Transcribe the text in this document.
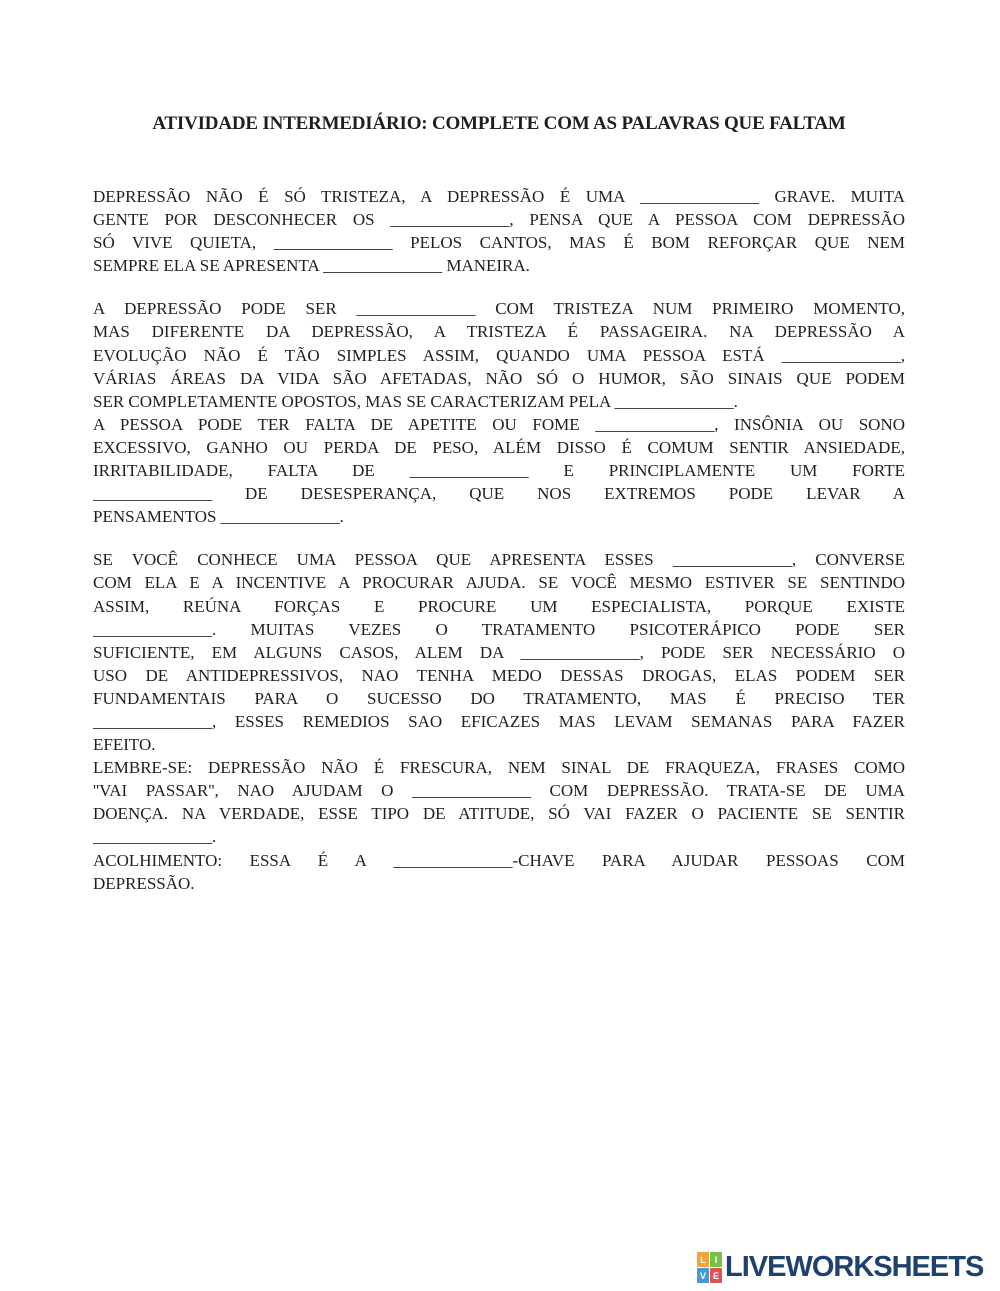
ATIVIDADE INTERMEDIÁRIO: COMPLETE COM AS PALAVRAS QUE FALTAM
DEPRESSÃO NÃO É SÓ TRISTEZA, A DEPRESSÃO É UMA ______________ GRAVE. MUITA
GENTE POR DESCONHECER OS ______________, PENSA QUE A PESSOA COM DEPRESSÃO
SÓ VIVE QUIETA, ______________ PELOS CANTOS, MAS É BOM REFORÇAR QUE NEM
SEMPRE ELA SE APRESENTA ______________ MANEIRA.
A DEPRESSÃO PODE SER ______________ COM TRISTEZA NUM PRIMEIRO MOMENTO,
MAS DIFERENTE DA DEPRESSÃO, A TRISTEZA É PASSAGEIRA. NA DEPRESSÃO A
EVOLUÇÃO NÃO É TÃO SIMPLES ASSIM, QUANDO UMA PESSOA ESTÁ ______________,
VÁRIAS ÁREAS DA VIDA SÃO AFETADAS, NÃO SÓ O HUMOR, SÃO SINAIS QUE PODEM
SER COMPLETAMENTE OPOSTOS, MAS SE CARACTERIZAM PELA ______________.
A PESSOA PODE TER FALTA DE APETITE OU FOME ______________, INSÔNIA OU SONO
EXCESSIVO, GANHO OU PERDA DE PESO, ALÉM DISSO É COMUM SENTIR ANSIEDADE,
IRRITABILIDADE, FALTA DE ______________ E PRINCIPLAMENTE UM FORTE
______________ DE DESESPERANÇA, QUE NOS EXTREMOS PODE LEVAR A
PENSAMENTOS ______________.
SE VOCÊ CONHECE UMA PESSOA QUE APRESENTA ESSES ______________, CONVERSE
COM ELA E A INCENTIVE A PROCURAR AJUDA. SE VOCÊ MESMO ESTIVER SE SENTINDO
ASSIM, REÚNA FORÇAS E PROCURE UM ESPECIALISTA, PORQUE EXISTE
______________. MUITAS VEZES O TRATAMENTO PSICOTERÁPICO PODE SER
SUFICIENTE, EM ALGUNS CASOS, ALEM DA ______________, PODE SER NECESSÁRIO O
USO DE ANTIDEPRESSIVOS, NAO TENHA MEDO DESSAS DROGAS, ELAS PODEM SER
FUNDAMENTAIS PARA O SUCESSO DO TRATAMENTO, MAS É PRECISO TER
______________, ESSES REMEDIOS SAO EFICAZES MAS LEVAM SEMANAS PARA FAZER
EFEITO.
LEMBRE-SE: DEPRESSÃO NÃO É FRESCURA, NEM SINAL DE FRAQUEZA, FRASES COMO
''VAI PASSAR'', NAO AJUDAM O ______________ COM DEPRESSÃO. TRATA-SE DE UMA
DOENÇA. NA VERDADE, ESSE TIPO DE ATITUDE, SÓ VAI FAZER O PACIENTE SE SENTIR
______________.
ACOLHIMENTO: ESSA É A ______________-CHAVE PARA AJUDAR PESSOAS COM
DEPRESSÃO.
L I
V E LIVEWORKSHEETS
